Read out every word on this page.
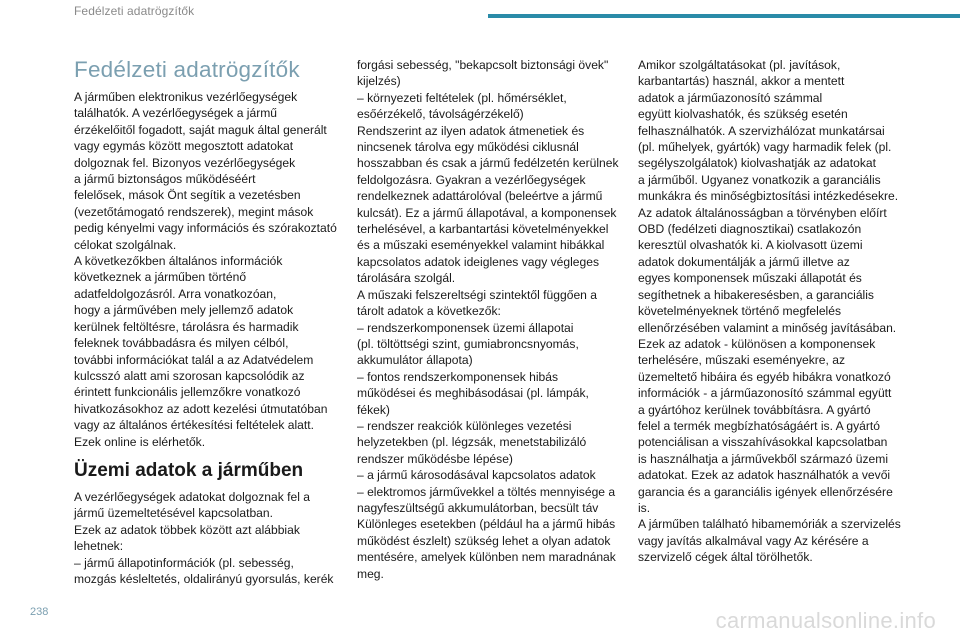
Fedélzeti adatrögzítők
Fedélzeti adatrögzítők

A járműben elektronikus vezérlőegységek
találhatók. A vezérlőegységek a jármű
érzékelőitől fogadott, saját maguk által generált
vagy egymás között megosztott adatokat
dolgoznak fel. Bizonyos vezérlőegységek
a jármű biztonságos működéséért
felelősek, mások Önt segítik a vezetésben
(vezetőtámogató rendszerek), megint mások
pedig kényelmi vagy információs és szórakoztató
célokat szolgálnak.
A következőkben általános információk
következnek a járműben történő
adatfeldolgozásról. Arra vonatkozóan,
hogy a járművében mely jellemző adatok
kerülnek feltöltésre, tárolásra és harmadik
feleknek továbbadásra és milyen célból,
további információkat talál a az Adatvédelem
kulcsszó alatt ami szorosan kapcsolódik az
érintett funkcionális jellemzőkre vonatkozó
hivatkozásokhoz az adott kezelési útmutatóban
vagy az általános értékesítési feltételek alatt.
Ezek online is elérhetők.

Üzemi adatok a járműben

A vezérlőegységek adatokat dolgoznak fel a
jármű üzemeltetésével kapcsolatban.
Ezek az adatok többek között azt alábbiak
lehetnek:
– jármű állapotinformációk (pl. sebesség,
mozgás késleltetés, oldalirányú gyorsulás, kerék

forgási sebesség, "bekapcsolt biztonsági övek"
kijelzés)
– környezeti feltételek (pl. hőmérséklet,
esőérzékelő, távolságérzékelő)
Rendszerint az ilyen adatok átmenetiek és
nincsenek tárolva egy működési ciklusnál
hosszabban és csak a jármű fedélzetén kerülnek
feldolgozásra. Gyakran a vezérlőegységek
rendelkeznek adattárolóval (beleértve a jármű
kulcsát). Ez a jármű állapotával, a komponensek
terhelésével, a karbantartási követelményekkel
és a műszaki eseményekkel valamint hibákkal
kapcsolatos adatok ideiglenes vagy végleges
tárolására szolgál.
A műszaki felszereltségi szintektől függően a
tárolt adatok a következők:
– rendszerkomponensek üzemi állapotai
(pl. töltöttségi szint, gumiabroncsnyomás,
akkumulátor állapota)
– fontos rendszerkomponensek hibás
működései és meghibásodásai (pl. lámpák,
fékek)
– rendszer reakciók különleges vezetési
helyzetekben (pl. légzsák, menetstabilizáló
rendszer működésbe lépése)
– a jármű károsodásával kapcsolatos adatok
– elektromos járművekkel a töltés mennyisége a
nagyfeszültségű akkumulátorban, becsült táv
Különleges esetekben (például ha a jármű hibás
működést észlelt) szükség lehet a olyan adatok
mentésére, amelyek különben nem maradnának
meg.

Amikor szolgáltatásokat (pl. javítások,
karbantartás) használ, akkor a mentett
adatok a járműazonosító számmal
együtt kiolvashatók, és szükség esetén
felhasználhatók. A szervizhálózat munkatársai
(pl. műhelyek, gyártók) vagy harmadik felek (pl.
segélyszolgálatok) kiolvashatják az adatokat
a járműből. Ugyanez vonatkozik a garanciális
munkákra és minőségbiztosítási intézkedésekre.
Az adatok általánosságban a törvényben előírt
OBD (fedélzeti diagnosztikai) csatlakozón
keresztül olvashatók ki. A kiolvasott üzemi
adatok dokumentálják a jármű illetve az
egyes komponensek műszaki állapotát és
segíthetnek a hibakeresésben, a garanciális
követelményeknek történő megfelelés
ellenőrzésében valamint a minőség javításában.
Ezek az adatok - különösen a komponensek
terhelésére, műszaki eseményekre, az
üzemeltető hibáira és egyéb hibákra vonatkozó
információk - a járműazonosító számmal együtt
a gyártóhoz kerülnek továbbításra. A gyártó
felel a termék megbízhatóságáért is. A gyártó
potenciálisan a visszahívásokkal kapcsolatban
is használhatja a járművekből származó üzemi
adatokat. Ezek az adatok használhatók a vevői
garancia és a garanciális igények ellenőrzésére
is.
A járműben található hibamemóriák a szervizelés
vagy javítás alkalmával vagy Az kérésére a
szervizelő cégek által törölhetők.

238	carmanualsonline.info
